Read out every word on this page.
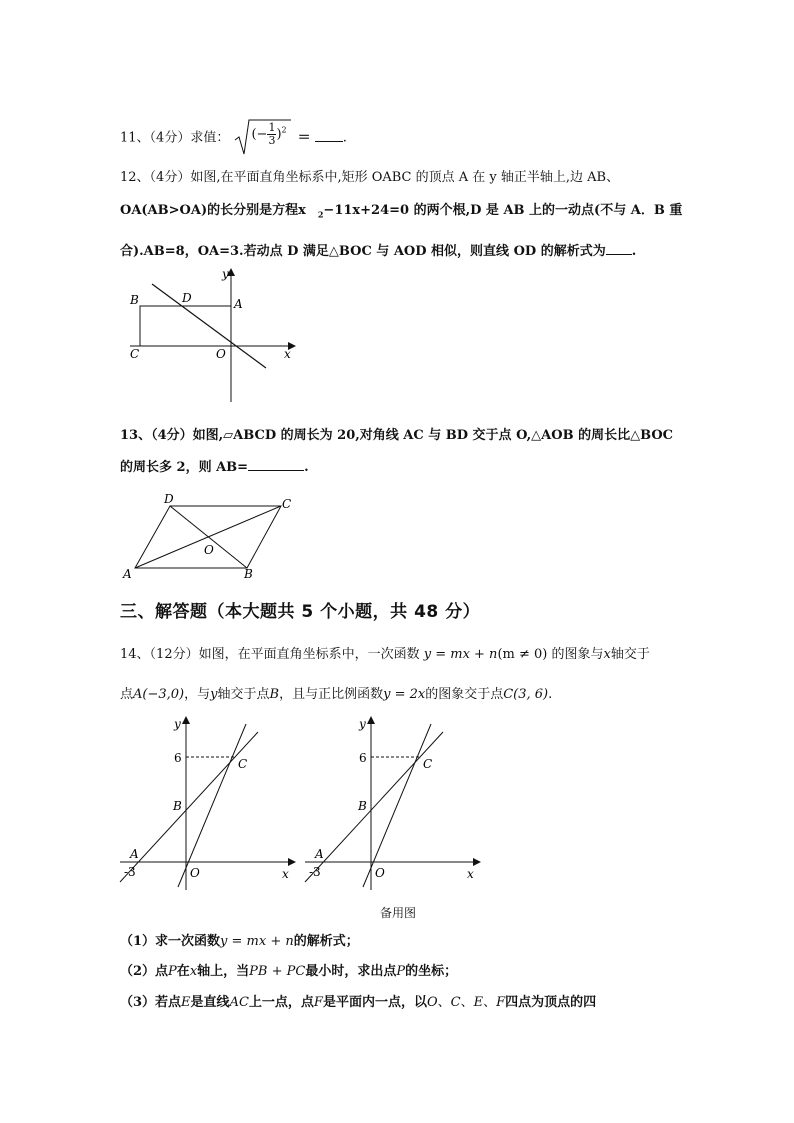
11、（4分）求值： (− $\frac{1}{3} )^2$
＝ .
12、（4分）如图,在平面直角坐标系中,矩形 OABC 的顶点 A 在 y 轴正半轴上,边 AB、
OA(AB>OA)的长分别是方程x $_2$−11x+24=0 的两个根,D 是 AB 上的一动点(不与 A．B 重
合).AB=8，OA=3.若动点 D 满足△BOC 与 AOD 相似，则直线 OD 的解析式为 .
B	D	A
C	O	x
y
13、（4分）如图,▱ABCD 的周长为 20,对角线 AC 与 BD 交于点 O,△AOB 的周长比△BOC
的周长多 2，则 AB=	.
D	C
O
A	B
三、解答题（本大题共 5 个小题，共 48 分）
14、（12分）如图，在平面直角坐标系中，一次函数 y = mx + n(m ≠ 0) 的图象与x轴交于
点A(−3,0)，与y轴交于点B，且与正比例函数y = 2x的图象交于点C(3, 6).
y
6	C
B
A
-3	O	x
y
6	C
B
A
-3	O	x
备用图
（1）求一次函数y = mx + n的解析式；
（2）点P在x轴上，当PB + PC最小时，求出点P的坐标；
（3）若点E是直线AC上一点，点F是平面内一点，以O、C、E、F四点为顶点的四
